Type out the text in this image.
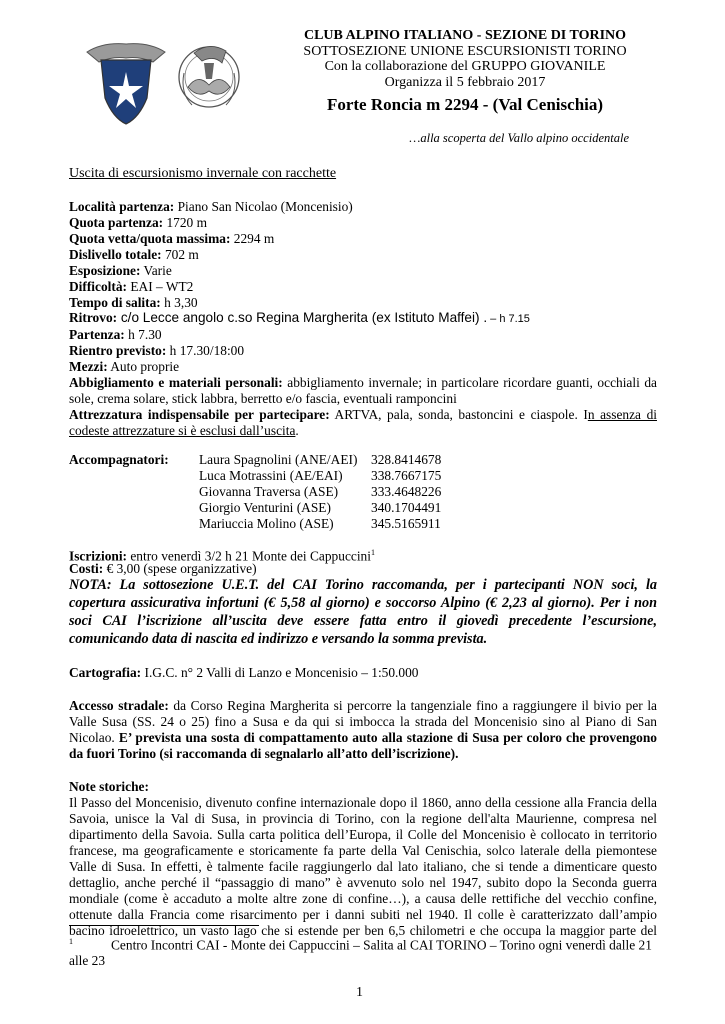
CLUB ALPINO ITALIANO - SEZIONE DI TORINO
SOTTOSEZIONE UNIONE ESCURSIONISTI TORINO
Con la collaborazione del GRUPPO GIOVANILE
Organizza il 5 febbraio 2017
Forte Roncia m 2294 - (Val Cenischia)
…alla scoperta del Vallo alpino occidentale
Uscita di escursionismo invernale con racchette
Località partenza: Piano San Nicolao (Moncenisio)
Quota partenza: 1720 m
Quota vetta/quota massima: 2294 m
Dislivello totale: 702 m
Esposizione: Varie
Difficoltà: EAI – WT2
Tempo di salita: h 3,30
Ritrovo: c/o Lecce angolo c.so Regina Margherita (ex Istituto Maffei) . – h 7.15
Partenza: h 7.30
Rientro previsto: h 17.30/18:00
Mezzi: Auto proprie
Abbigliamento e materiali personali: abbigliamento invernale; in particolare ricordare guanti, occhiali da
sole, crema solare, stick labbra, berretto e/o fascia, eventuali ramponcini
Attrezzatura indispensabile per partecipare: ARTVA, pala, sonda, bastoncini e ciaspole. In assenza di
codeste attrezzature si è esclusi dall’uscita.
Accompagnatori: Laura Spagnolini (ANE/AEI) 328.8414678
Luca Motrassini (AE/EAI) 338.7667175
Giovanna Traversa (ASE) 333.4648226
Giorgio Venturini (ASE)	340.1704491
Mariuccia Molino (ASE)	345.5165911
Iscrizioni: entro venerdì 3/2 h 21 Monte dei Cappuccini$^1$
Costi: € 3,00 (spese organizzative)
NOTA: La sottosezione U.E.T. del CAI Torino raccomanda, per i partecipanti NON soci, la
copertura assicurativa infortuni (€ 5,58 al giorno) e soccorso Alpino (€ 2,23 al giorno). Per i non
soci CAI l’iscrizione all’uscita deve essere fatta entro il giovedì precedente l’escursione,
comunicando data di nascita ed indirizzo e versando la somma prevista.
Cartografia: I.G.C. n° 2 Valli di Lanzo e Moncenisio – 1:50.000
Accesso stradale: da Corso Regina Margherita si percorre la tangenziale fino a raggiungere il bivio per la
Valle Susa (SS. 24 o 25) fino a Susa e da qui si imbocca la strada del Moncenisio sino al Piano di San
Nicolao. E’ prevista una sosta di compattamento auto alla stazione di Susa per coloro che provengono
da fuori Torino (si raccomanda di segnalarlo all’atto dell’iscrizione).
Note storiche:
Il Passo del Moncenisio, divenuto confine internazionale dopo il 1860, anno della cessione alla Francia della
Savoia, unisce la Val di Susa, in provincia di Torino, con la regione dell'alta Maurienne, compresa nel
dipartimento della Savoia. Sulla carta politica dell’Europa, il Colle del Moncenisio è collocato in territorio
francese, ma geograficamente e storicamente fa parte della Val Cenischia, solco laterale della piemontese
Valle di Susa. In effetti, è talmente facile raggiungerlo dal lato italiano, che si tende a dimenticare questo
dettaglio, anche perché il “passaggio di mano” è avvenuto solo nel 1947, subito dopo la Seconda guerra
mondiale (come è accaduto a molte altre zone di confine…), a causa delle rettifiche del vecchio confine,
ottenute dalla Francia come risarcimento per i danni subiti nel 1940. Il colle è caratterizzato dall’ampio
bacino idroelettrico, un vasto lago che si estende per ben 6,5 chilometri e che occupa la maggior parte del
$^1$	Centro Incontri CAI - Monte dei Cappuccini – Salita al CAI TORINO – Torino ogni venerdì dalle 21
alle 23
1
